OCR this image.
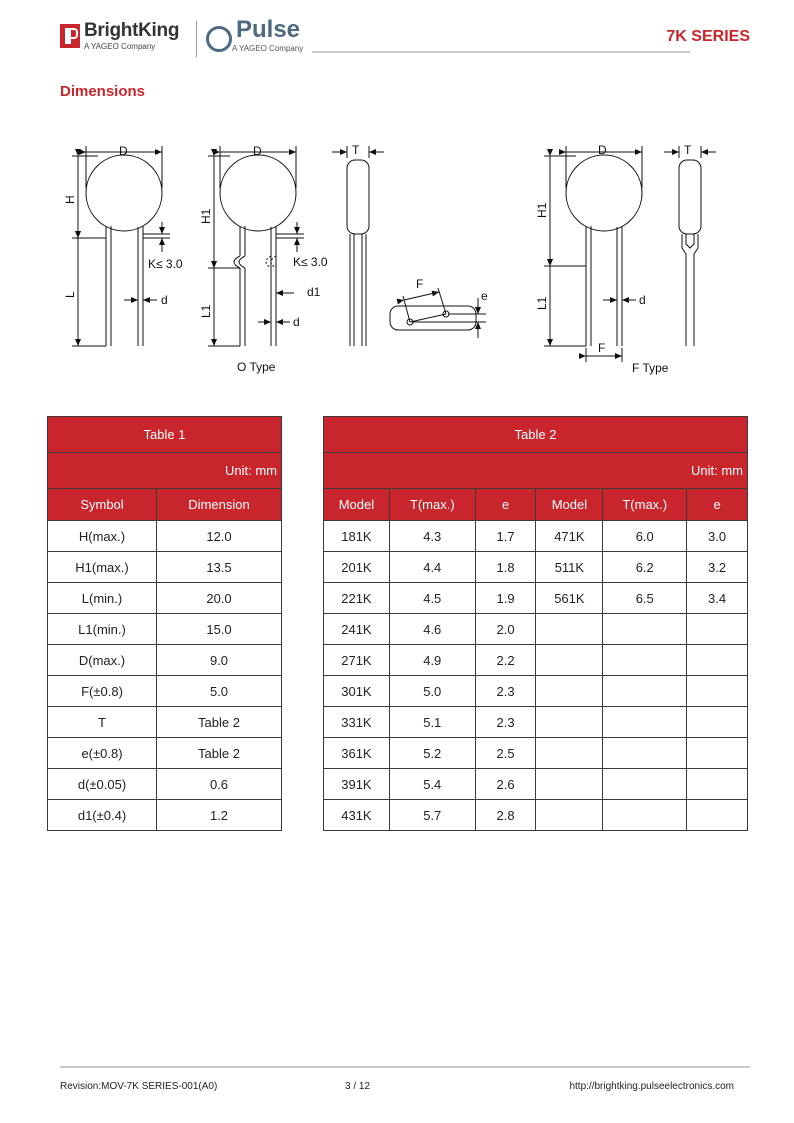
BrightKing
A YAGEO Company
Pulse
A YAGEO Company
7K SERIES
Dimensions
D
H
L
K≤ 3.0
d
D
H1
L1
K≤ 3.0
d1
d
O Type
T
F
e
D
H1
L1	d
F
T
F Type
Table 1	
Unit: mm	
Symbol	Dimension
H(max.)	12.0
H1(max.)	13.5
L(min.)	20.0
L1(min.)	15.0
D(max.)	9.0
F(±0.8)	5.0
T	Table 2
e(±0.8)	Table 2
d(±0.05)	0.6
d1(±0.4)	1.2
Table 2					
Unit: mm					
Model	T(max.)	e	Model	T(max.)	e
181K	4.3	1.7	471K	6.0	3.0
201K	4.4	1.8	511K	6.2	3.2
221K	4.5	1.9	561K	6.5	3.4
241K	4.6	2.0			
271K	4.9	2.2			
301K	5.0	2.3			
331K	5.1	2.3			
361K	5.2	2.5			
391K	5.4	2.6			
431K	5.7	2.8			
Revision:MOV-7K SERIES-001(A0)	3 / 12	http://brightking.pulseelectronics.com
